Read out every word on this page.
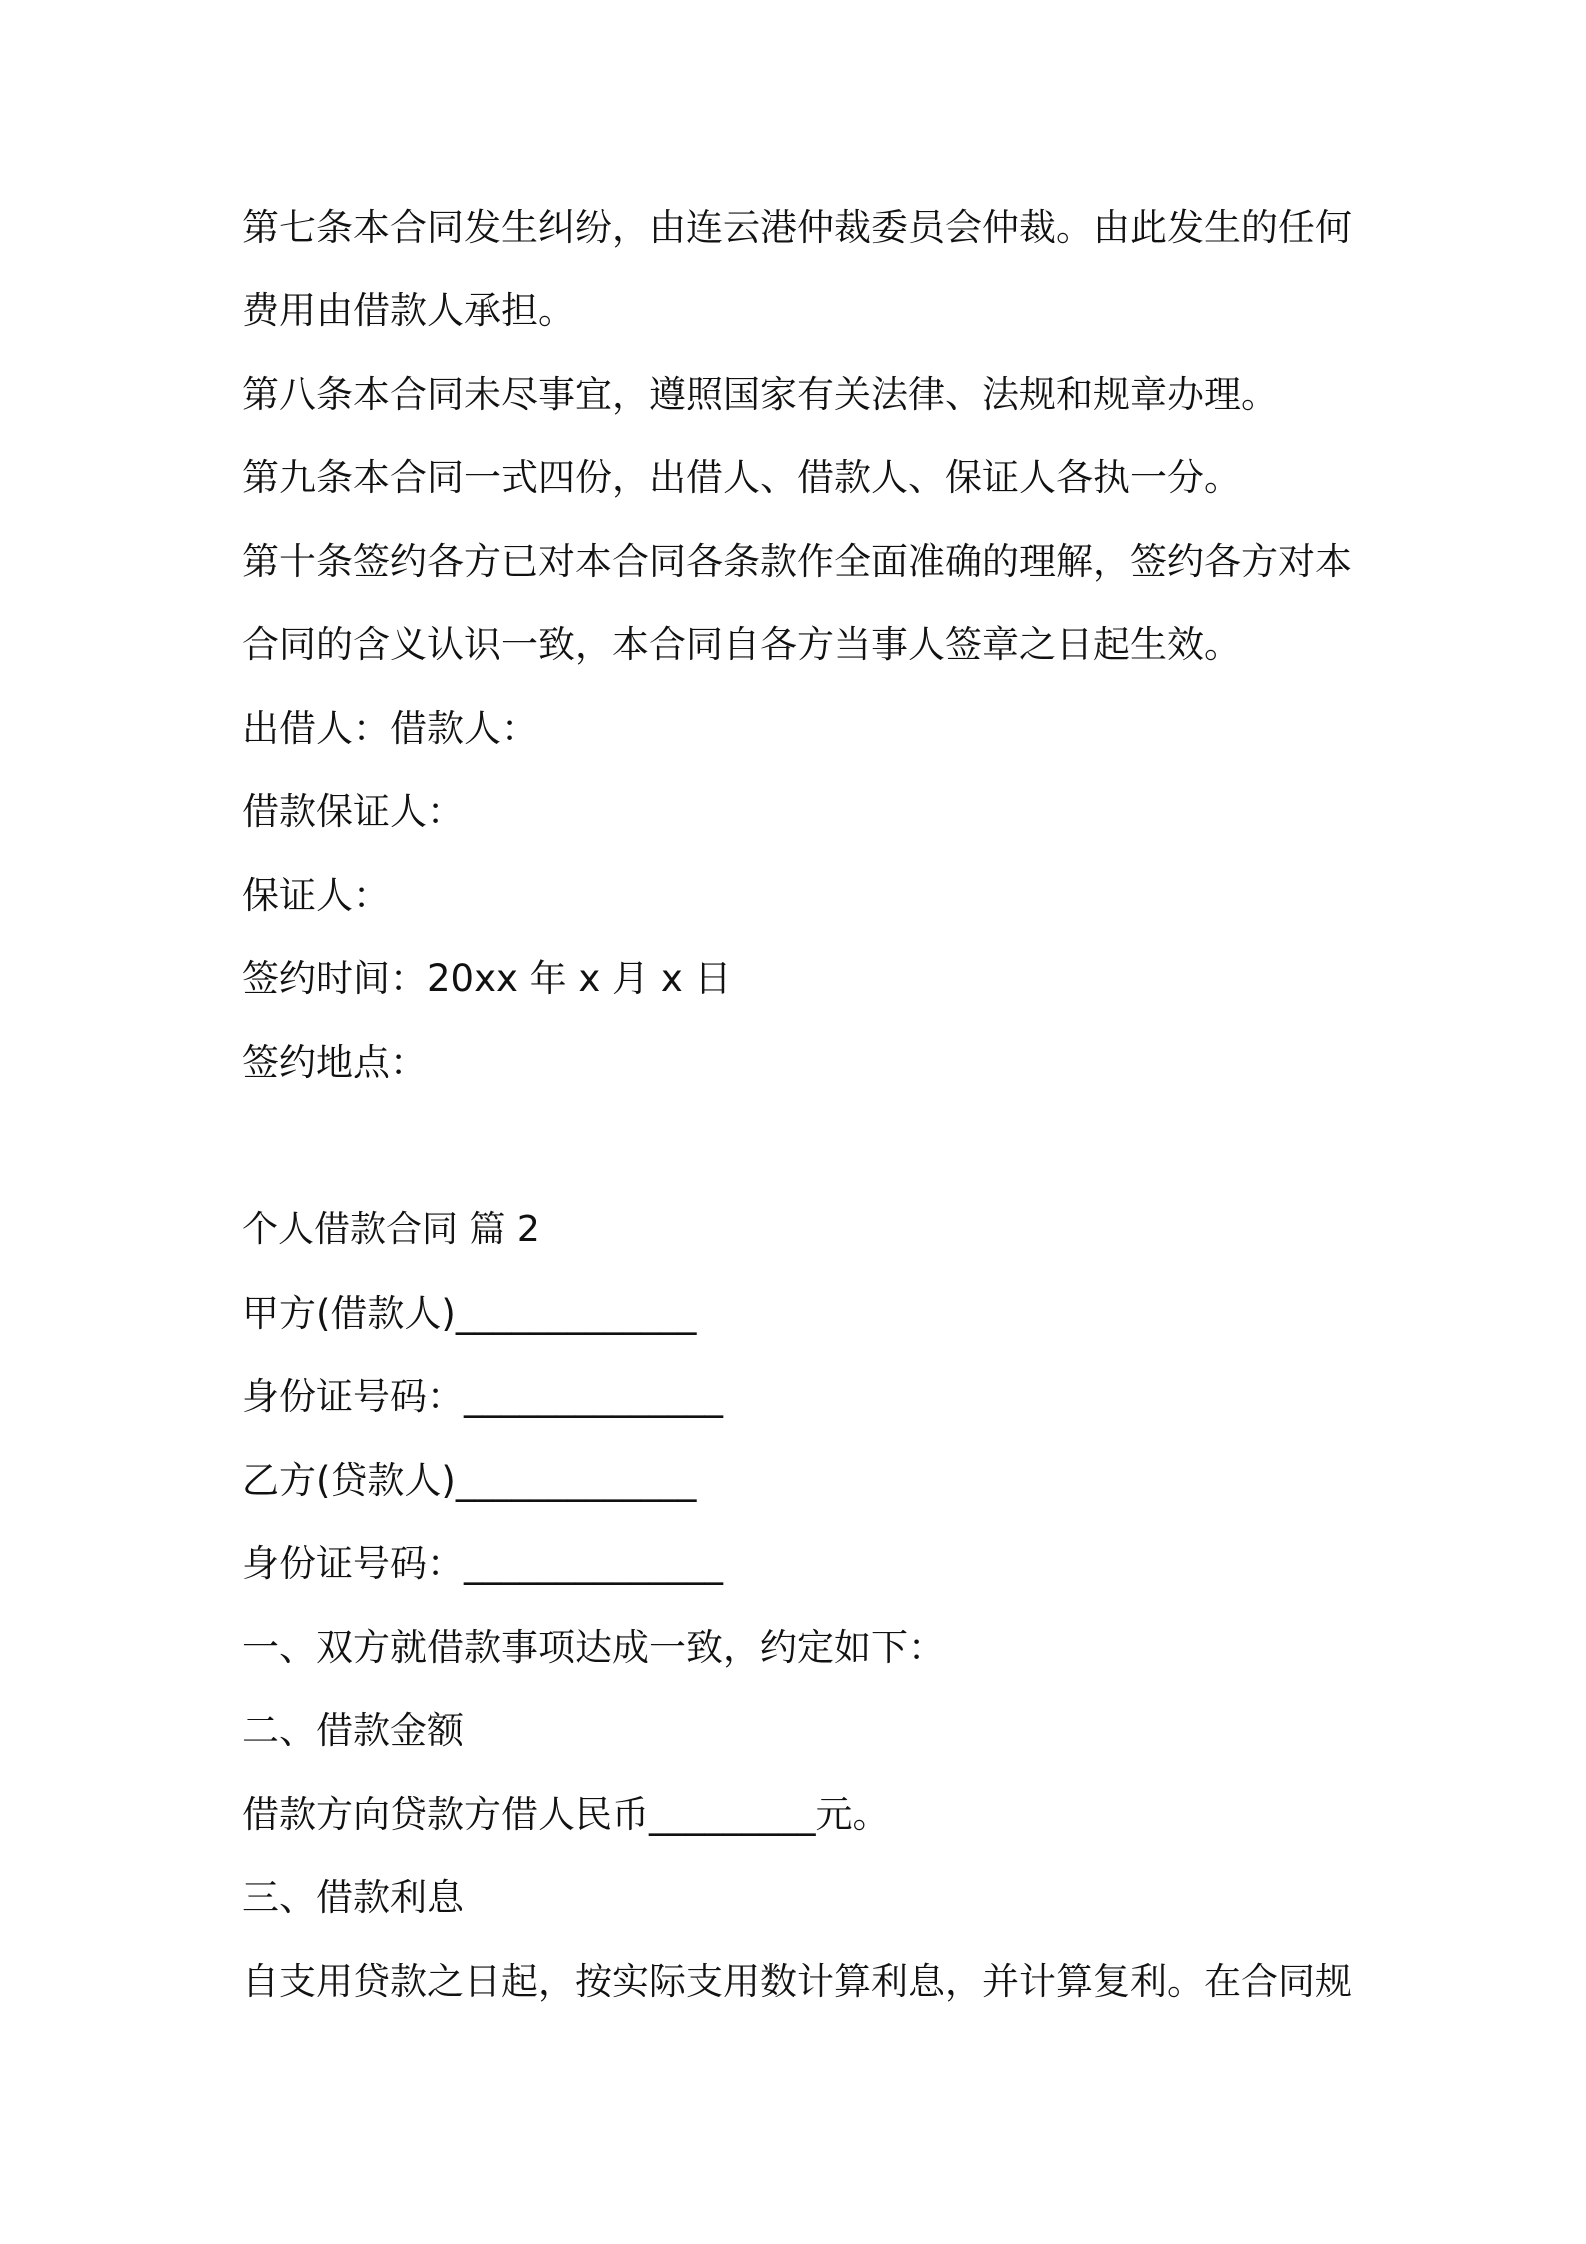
第七条本合同发生纠纷，由连云港仲裁委员会仲裁。由此发生的任何
费用由借款人承担。
第八条本合同未尽事宜，遵照国家有关法律、法规和规章办理。
第九条本合同一式四份，出借人、借款人、保证人各执一分。
第十条签约各方已对本合同各条款作全面准确的理解，签约各方对本
合同的含义认识一致，本合同自各方当事人签章之日起生效。
出借人：借款人：
借款保证人：
保证人：
签约时间：20xx 年 x 月 x 日
签约地点：
个人借款合同 篇 2
甲方(借款人)_____________
身份证号码：______________
乙方(贷款人)_____________
身份证号码：______________
一、双方就借款事项达成一致，约定如下：
二、借款金额
借款方向贷款方借人民币_________元。
三、借款利息
自支用贷款之日起，按实际支用数计算利息，并计算复利。在合同规
